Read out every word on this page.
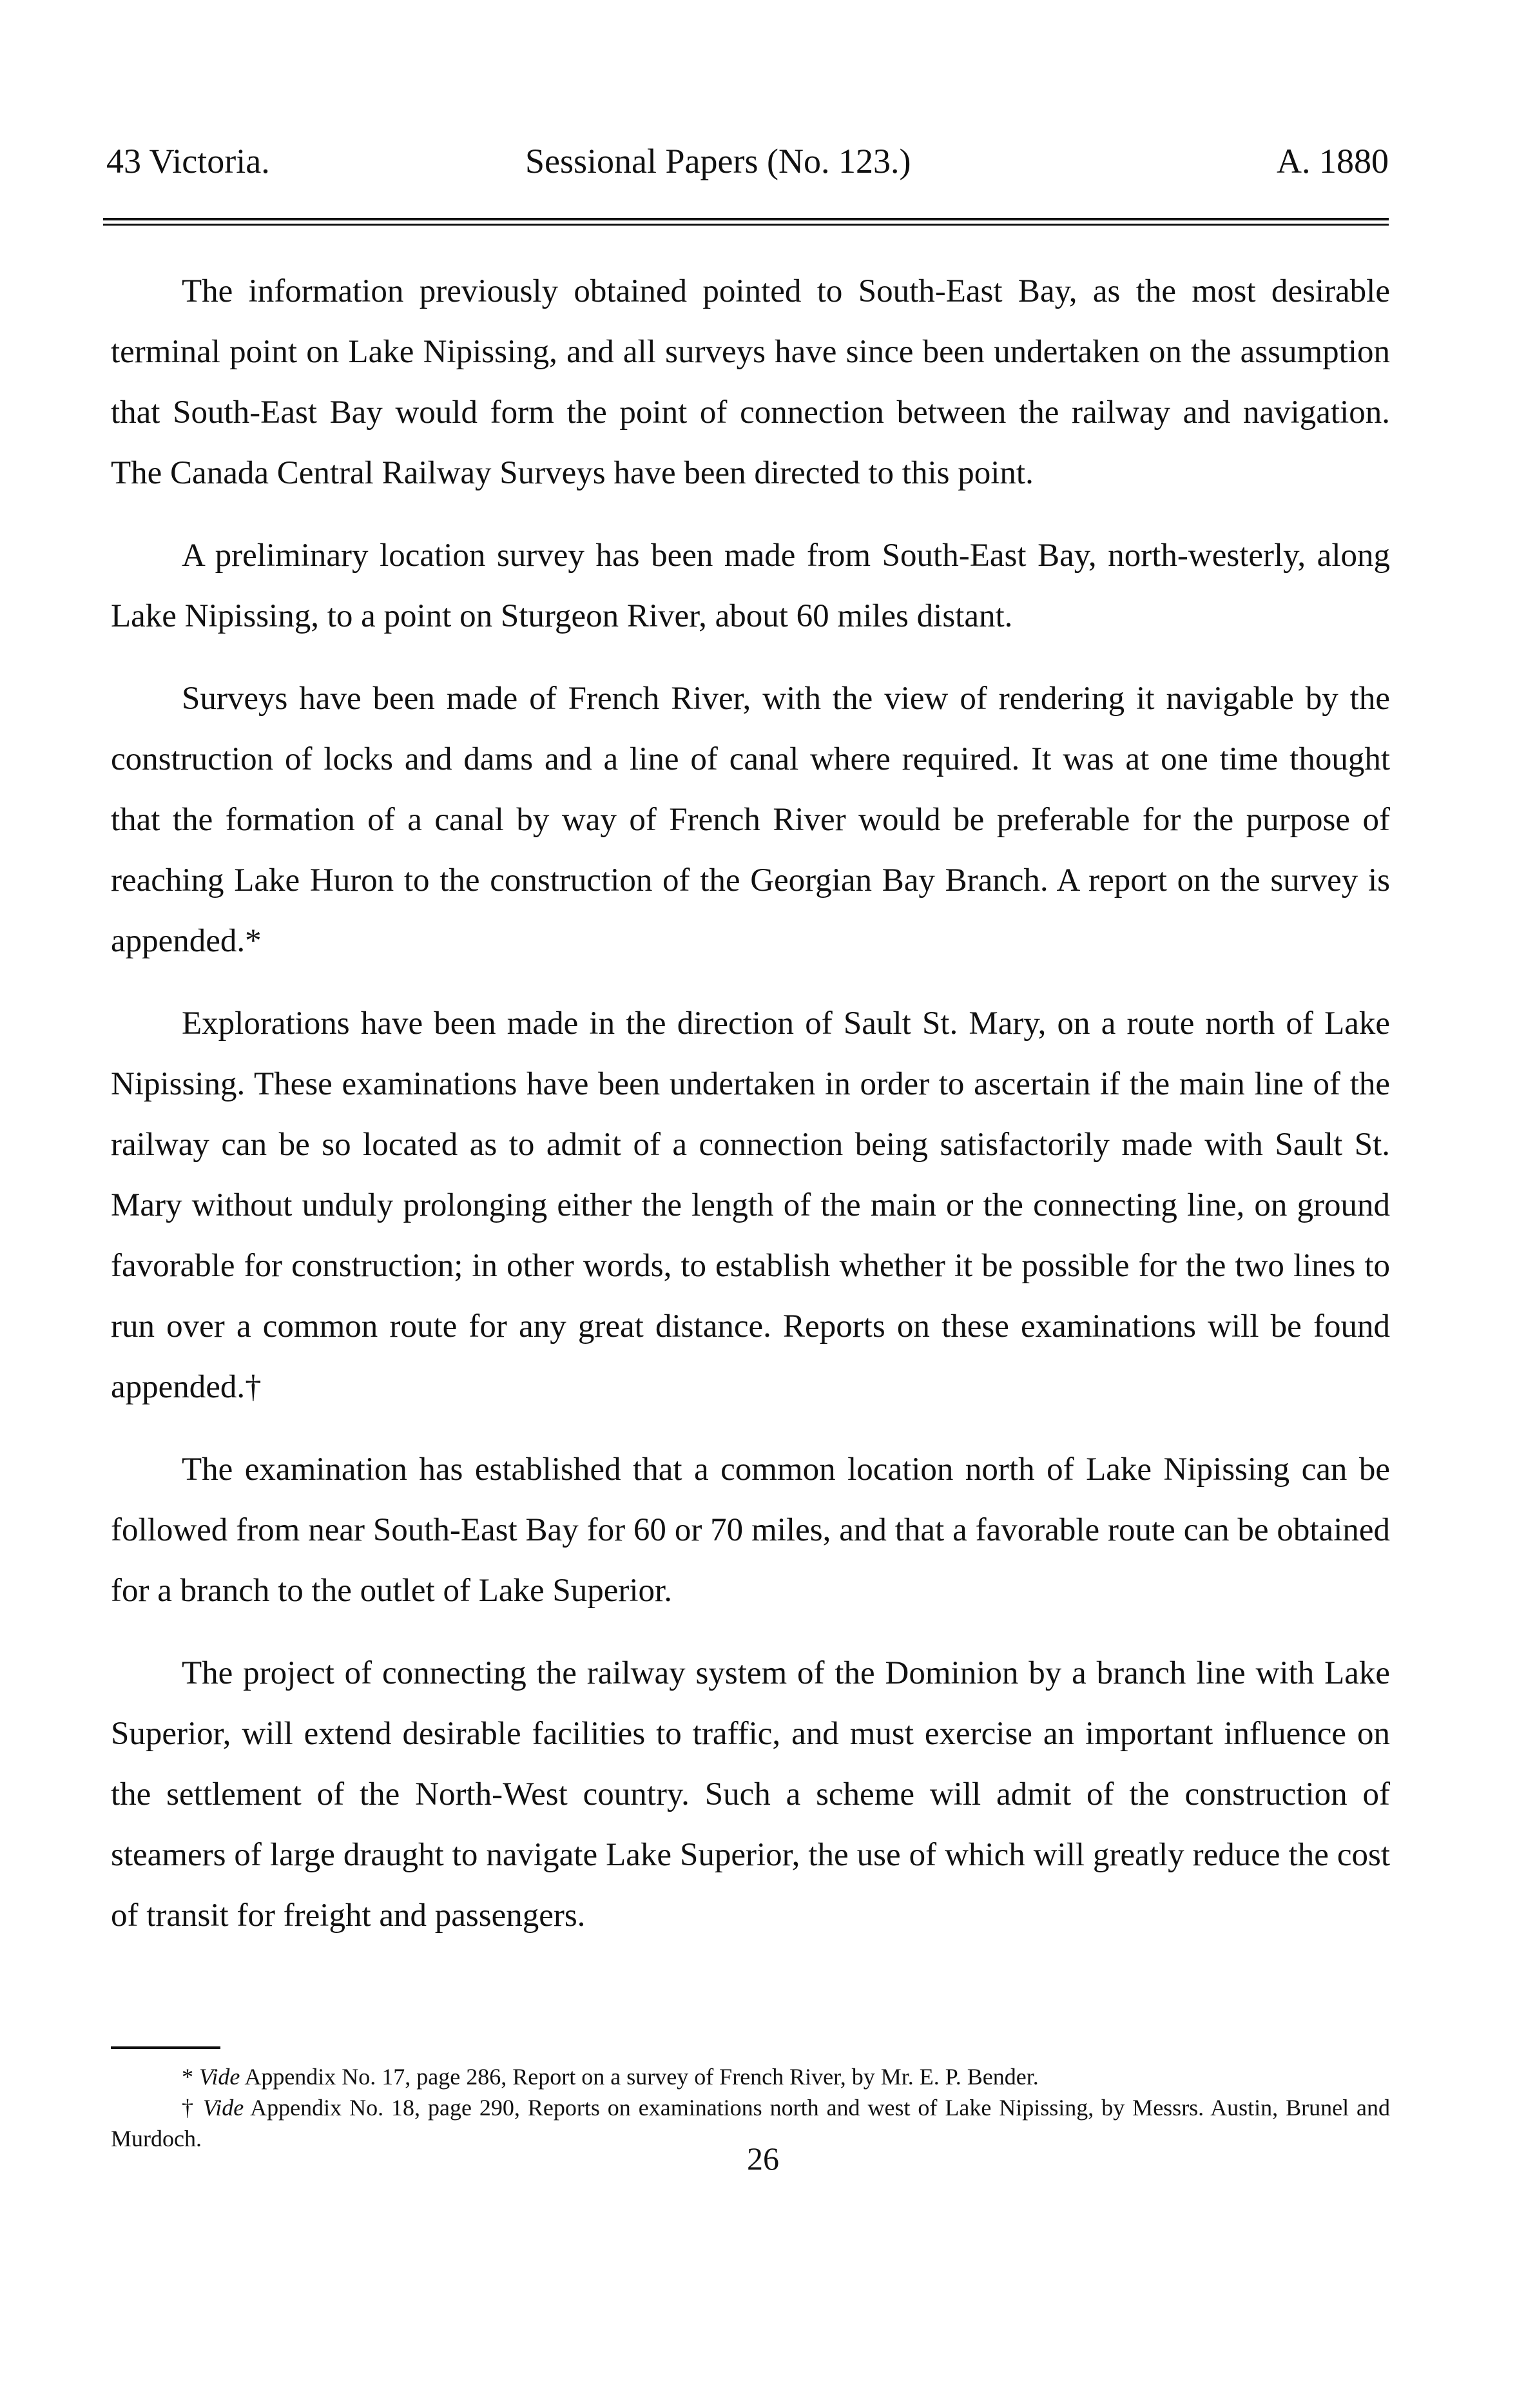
43 Victoria.	Sessional Papers (No. 123.)	A. 1880

The information previously obtained pointed to South-East Bay, as the most desirable terminal point on Lake Nipissing, and all surveys have since been undertaken on the assumption that South-East Bay would form the point of connection between the railway and navigation. The Canada Central Railway Surveys have been directed to this point.

A preliminary location survey has been made from South-East Bay, north-westerly, along Lake Nipissing, to a point on Sturgeon River, about 60 miles distant.

Surveys have been made of French River, with the view of rendering it navigable by the construction of locks and dams and a line of canal where required. It was at one time thought that the formation of a canal by way of French River would be preferable for the purpose of reaching Lake Huron to the construction of the Georgian Bay Branch. A report on the survey is appended.*

Explorations have been made in the direction of Sault St. Mary, on a route north of Lake Nipissing. These examinations have been undertaken in order to ascertain if the main line of the railway can be so located as to admit of a connection being satisfactorily made with Sault St. Mary without unduly prolonging either the length of the main or the connecting line, on ground favorable for construction; in other words, to establish whether it be possible for the two lines to run over a common route for any great distance. Reports on these examinations will be found appended.†

The examination has established that a common location north of Lake Nipissing can be followed from near South-East Bay for 60 or 70 miles, and that a favorable route can be obtained for a branch to the outlet of Lake Superior.

The project of connecting the railway system of the Dominion by a branch line with Lake Superior, will extend desirable facilities to traffic, and must exercise an important influence on the settlement of the North-West country. Such a scheme will admit of the construction of steamers of large draught to navigate Lake Superior, the use of which will greatly reduce the cost of transit for freight and passengers.

* Vide Appendix No. 17, page 286, Report on a survey of French River, by Mr. E. P. Bender.

† Vide Appendix No. 18, page 290, Reports on examinations north and west of Lake Nipissing, by Messrs. Austin, Brunel and Murdoch.

26
